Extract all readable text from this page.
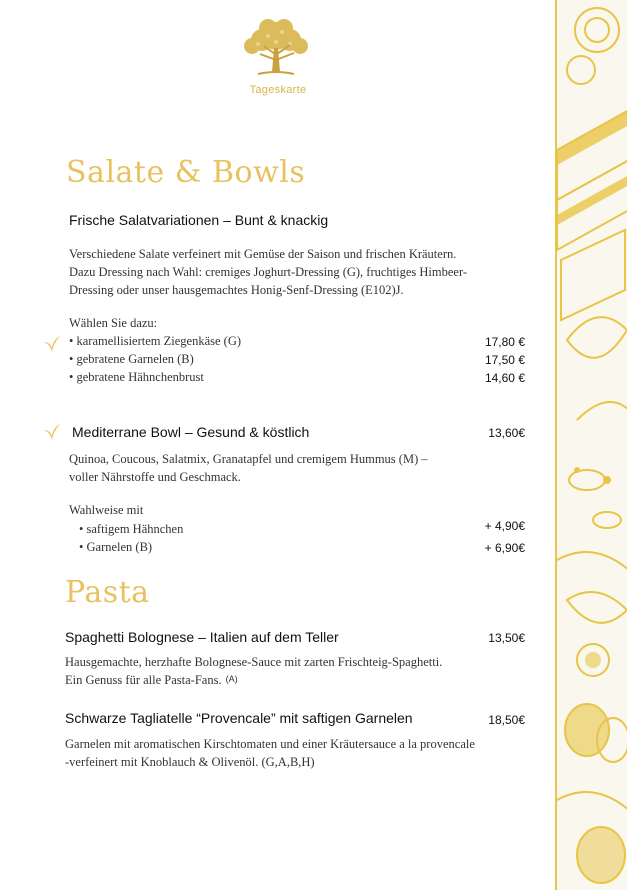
Tageskarte
Salate & Bowls
Frische Salatvariationen – Bunt & knackig
Verschiedene Salate verfeinert mit Gemüse der Saison und frischen Kräutern.
Dazu Dressing nach Wahl: cremiges Joghurt-Dressing (G), fruchtiges Himbeer-
Dressing oder unser hausgemachtes Honig-Senf-Dressing (E102)J.
Wählen Sie dazu:
• karamellisiertem Ziegenkäse (G)	17,80 €
• gebratene Garnelen (B)	17,50 €
• gebratene Hähnchenbrust	14,60 €
Mediterrane Bowl – Gesund & köstlich	13,60€
Quinoa, Coucous, Salatmix, Granatapfel und cremigem Hummus (M) –
voller Nährstoffe und Geschmack.
Wahlweise mit
• saftigem Hähnchen	+ 4,90€
• Garnelen (B)	+ 6,90€
Pasta
Spaghetti Bolognese – Italien auf dem Teller	13,50€
Hausgemachte, herzhafte Bolognese-Sauce mit zarten Frischteig-Spaghetti.
Ein Genuss für alle Pasta-Fans. (A)
Schwarze Tagliatelle “Provencale” mit saftigen Garnelen	18,50€
Garnelen mit aromatischen Kirschtomaten und einer Kräutersauce a la provencale
-verfeinert mit Knoblauch & Olivenöl. (G,A,B,H)
